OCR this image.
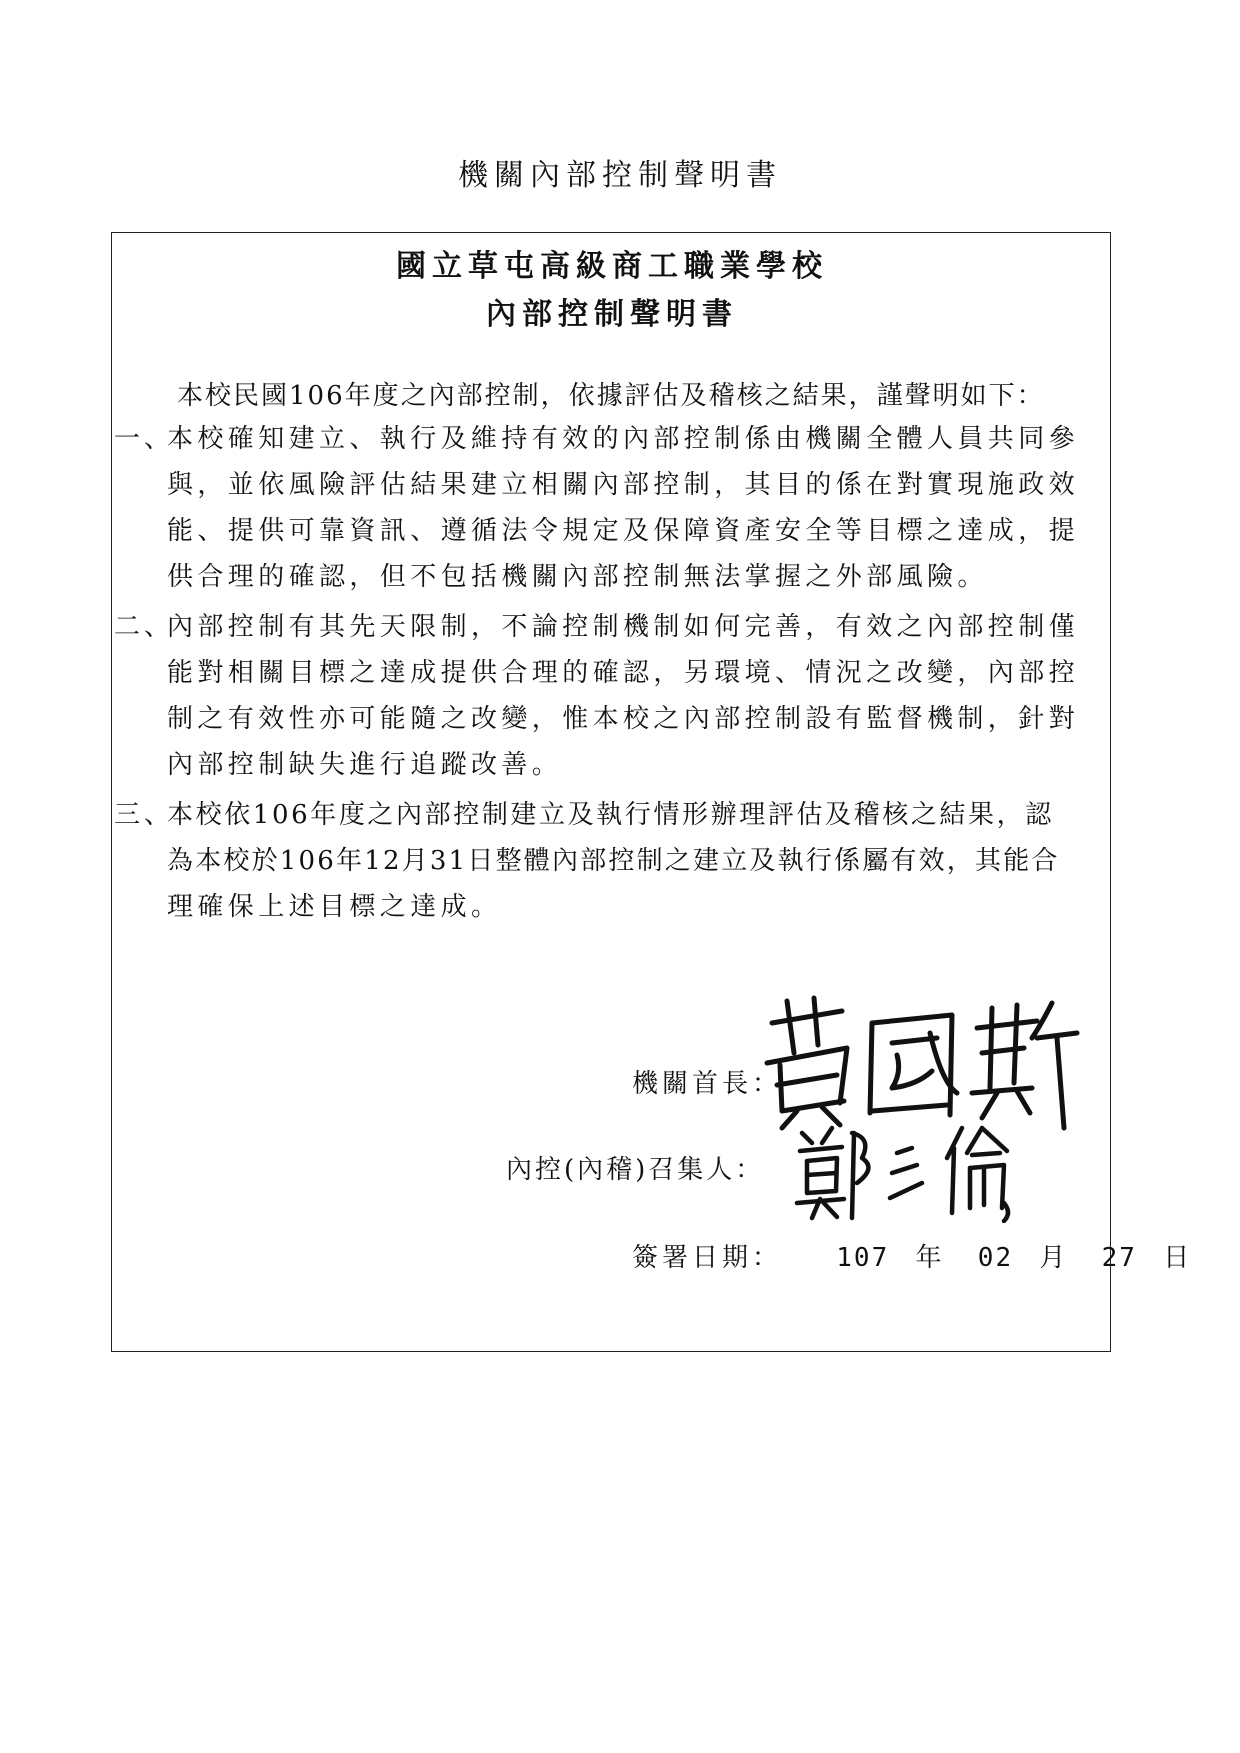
機關內部控制聲明書
國立草屯高級商工職業學校
內部控制聲明書
本校民國106年度之內部控制，依據評估及稽核之結果，謹聲明如下：
一、
本校確知建立、執行及維持有效的內部控制係由機關全體人員共同參
與，並依風險評估結果建立相關內部控制，其目的係在對實現施政效
能、提供可靠資訊、遵循法令規定及保障資產安全等目標之達成，提
供合理的確認，但不包括機關內部控制無法掌握之外部風險。
二、
內部控制有其先天限制，不論控制機制如何完善，有效之內部控制僅
能對相關目標之達成提供合理的確認，另環境、情況之改變，內部控
制之有效性亦可能隨之改變，惟本校之內部控制設有監督機制，針對
內部控制缺失進行追蹤改善。
三、
本校依106年度之內部控制建立及執行情形辦理評估及稽核之結果，認
為本校於106年12月31日整體內部控制之建立及執行係屬有效，其能合
理確保上述目標之達成。
機關首長：
內控(內稽)召集人：
簽署日期： 107 年 02 月 27 日
